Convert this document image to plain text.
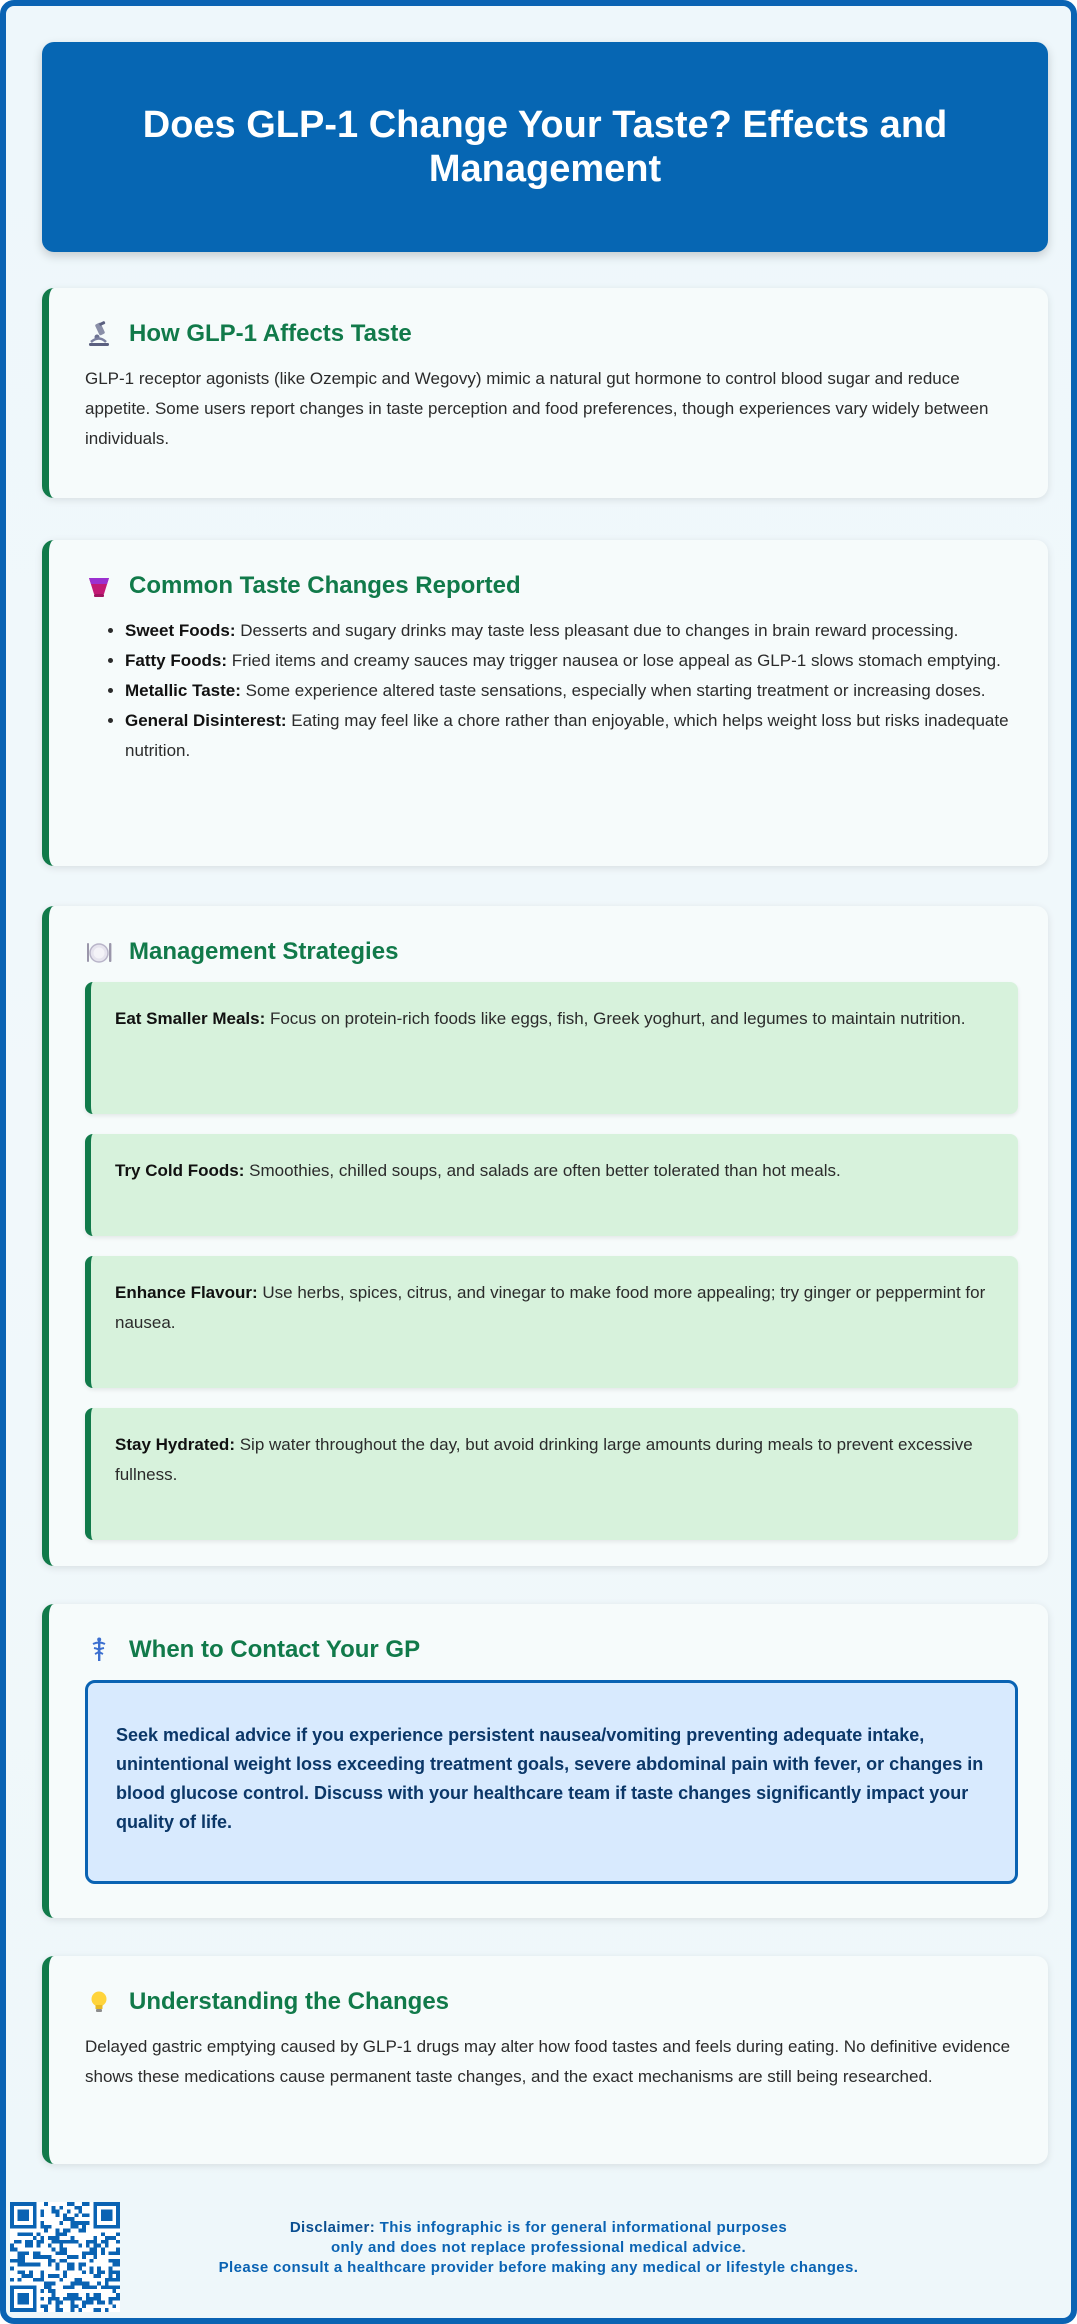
Does GLP-1 Change Your Taste? Effects and Management
How GLP-1 Affects Taste

GLP-1 receptor agonists (like Ozempic and Wegovy) mimic a natural gut hormone to control blood sugar and reduce appetite. Some users report changes in taste perception and food preferences, though experiences vary widely between individuals.

Common Taste Changes Reported
• Sweet Foods: Desserts and sugary drinks may taste less pleasant due to changes in brain reward processing.
• Fatty Foods: Fried items and creamy sauces may trigger nausea or lose appeal as GLP-1 slows stomach emptying.
• Metallic Taste: Some experience altered taste sensations, especially when starting treatment or increasing doses.
• General Disinterest: Eating may feel like a chore rather than enjoyable, which helps weight loss but risks inadequate nutrition.
Management Strategies
Eat Smaller Meals: Focus on protein-rich foods like eggs, fish, Greek yoghurt, and legumes to maintain nutrition.
Try Cold Foods: Smoothies, chilled soups, and salads are often better tolerated than hot meals.
Enhance Flavour: Use herbs, spices, citrus, and vinegar to make food more appealing; try ginger or peppermint for nausea.
Stay Hydrated: Sip water throughout the day, but avoid drinking large amounts during meals to prevent excessive fullness.
When to Contact Your GP
Seek medical advice if you experience persistent nausea/vomiting preventing adequate intake, unintentional weight loss exceeding treatment goals, severe abdominal pain with fever, or changes in blood glucose control. Discuss with your healthcare team if taste changes significantly impact your quality of life.
Understanding the Changes

Delayed gastric emptying caused by GLP-1 drugs may alter how food tastes and feels during eating. No definitive evidence shows these medications cause permanent taste changes, and the exact mechanisms are still being researched.

Disclaimer: This infographic is for general informational purposes
only and does not replace professional medical advice.
Please consult a healthcare provider before making any medical or lifestyle changes.
